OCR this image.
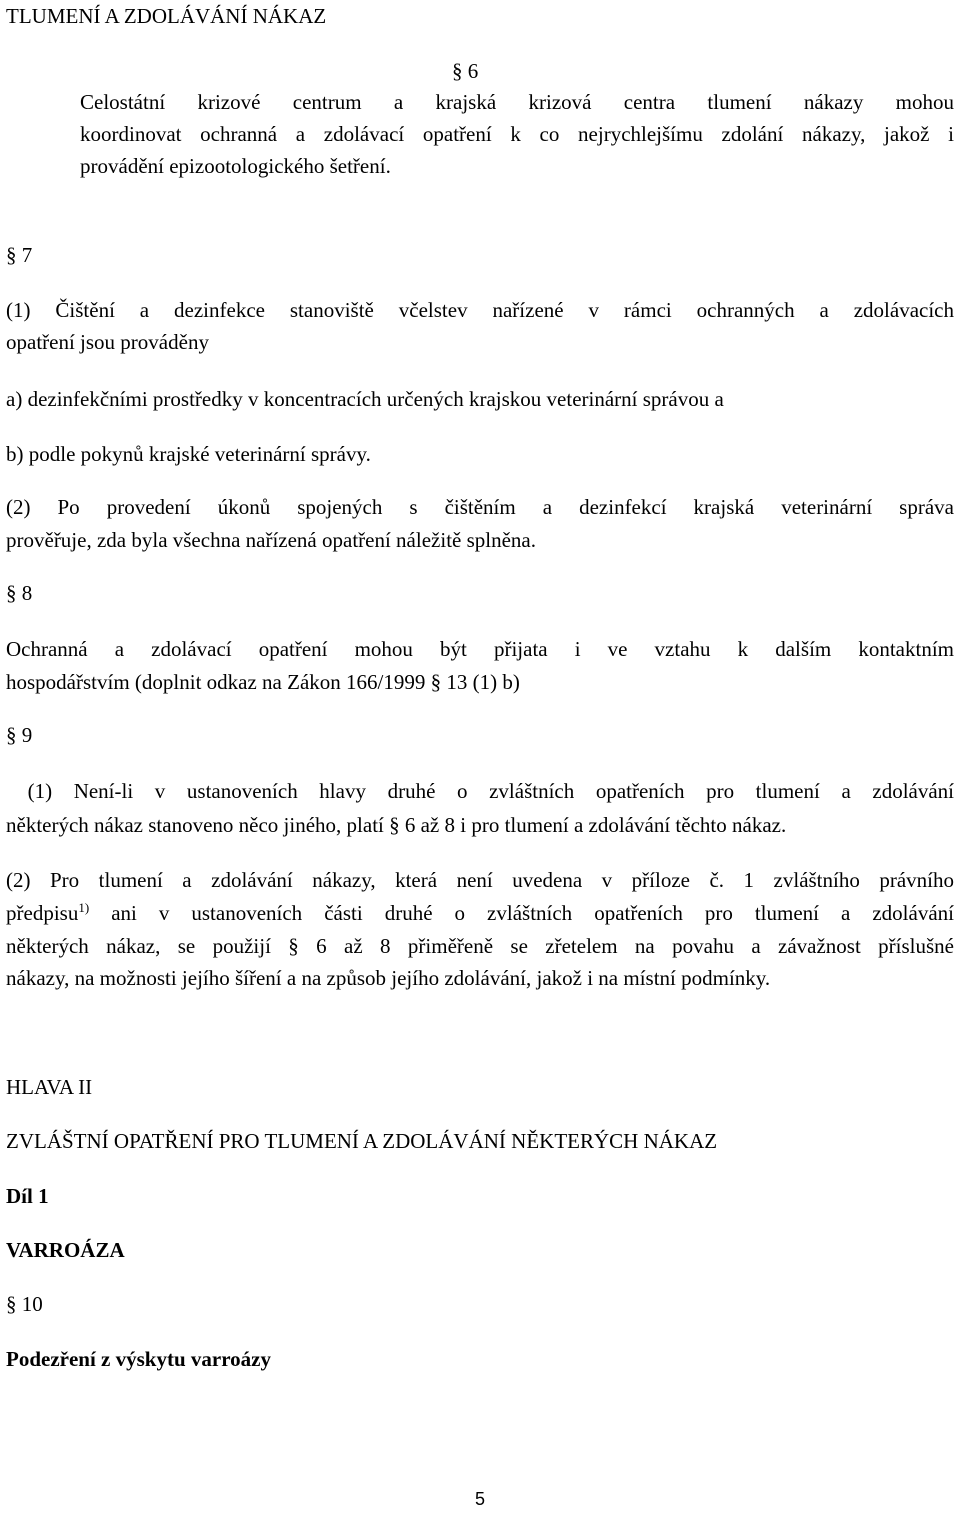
TLUMENÍ A ZDOLÁVÁNÍ NÁKAZ

§ 6

Celostátní krizové centrum a krajská krizová centra tlumení nákazy mohou

koordinovat ochranná a zdolávací opatření k co nejrychlejšímu zdolání nákazy, jakož i

provádění epizootologického šetření.

§ 7

(1) Čištění a dezinfekce stanoviště včelstev nařízené v rámci ochranných a zdolávacích

opatření jsou prováděny

a) dezinfekčními prostředky v koncentracích určených krajskou veterinární správou a

b) podle pokynů krajské veterinární správy.

(2) Po provedení úkonů spojených s čištěním a dezinfekcí krajská veterinární správa

prověřuje, zda byla všechna nařízená opatření náležitě splněna.

§ 8

Ochranná a zdolávací opatření mohou být přijata i ve vztahu k dalším kontaktním

hospodářstvím (doplnit odkaz na Zákon 166/1999 § 13 (1) b)

§ 9

(1) Není-li v ustanoveních hlavy druhé o zvláštních opatřeních pro tlumení a zdolávání

některých nákaz stanoveno něco jiného, platí § 6 až 8 i pro tlumení a zdolávání těchto nákaz.

(2) Pro tlumení a zdolávání nákazy, která není uvedena v příloze č. 1 zvláštního právního

předpisu$^{1)}$ ani v ustanoveních části druhé o zvláštních opatřeních pro tlumení a zdolávání

některých nákaz, se použijí § 6 až 8 přiměřeně se zřetelem na povahu a závažnost příslušné

nákazy, na možnosti jejího šíření a na způsob jejího zdolávání, jakož i na místní podmínky.

HLAVA II

ZVLÁŠTNÍ OPATŘENÍ PRO TLUMENÍ A ZDOLÁVÁNÍ NĚKTERÝCH NÁKAZ

Díl 1

VARROÁZA

§ 10

Podezření z výskytu varroázy

5
